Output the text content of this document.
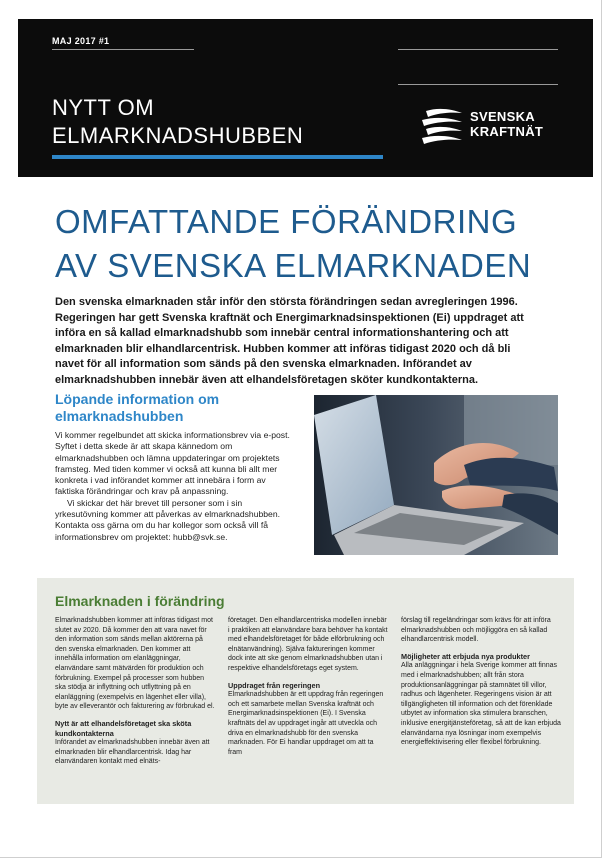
MAJ 2017 #1
NYTT OM
ELMARKNADSHUBBEN
SVENSKA
KRAFTNÄT
OMFATTANDE FÖRÄNDRING
AV SVENSKA ELMARKNADEN
Den svenska elmarknaden står inför den största förändringen sedan avregleringen 1996. Regeringen har gett Svenska kraftnät och Energimarknadsinspektionen (Ei) uppdraget att införa en så kallad elmarknadshubb som innebär central informationshantering och att elmarknaden blir elhandlarcentrisk. Hubben kommer att införas tidigast 2020 och då bli navet för all information som sänds på den svenska elmarknaden. Införandet av elmarknadshubben innebär även att elhandelsföretagen sköter kundkontakterna.
Löpande information om elmarknadshubben

Vi kommer regelbundet att skicka informationsbrev via e-post. Syftet i detta skede är att skapa kännedom om elmarknadshubben och lämna uppdateringar om projektets framsteg. Med tiden kommer vi också att kunna bli allt mer konkreta i vad införandet kommer att innebära i form av faktiska förändringar och krav på anpassning.

Vi skickar det här brevet till personer som i sin yrkesutövning kommer att påverkas av elmarknadshubben. Kontakta oss gärna om du har kollegor som också vill få informationsbrev om projektet: hubb@svk.se.

Elmarknaden i förändring

Elmarknadshubben kommer att införas tidigast mot slutet av 2020. Då kommer den att vara navet för den information som sänds mellan aktörerna på den svenska elmarknaden. Den kommer att innehålla information om elanläggningar, elanvändare samt mätvärden för produktion och förbrukning. Exempel på processer som hubben ska stödja är inflyttning och utflyttning på en elanläggning (exempelvis en lägenhet eller villa), byte av elleverantör och fakturering av förbrukad el.

Nytt är att elhandelsföretaget ska sköta kundkontakterna

Införandet av elmarknadshubben innebär även att elmarknaden blir elhandlarcentrisk. Idag har elanvändaren kontakt med elnäts-

företaget. Den elhandlarcentriska modellen innebär i praktiken att elanvändare bara behöver ha kontakt med elhandelsföretaget för både elförbrukning och elnätanvändning). Själva faktureringen kommer dock inte att ske genom elmarknadshubben utan i respektive elhandelsföretags eget system.

Uppdraget från regeringen

Elmarknadshubben är ett uppdrag från regeringen och ett samarbete mellan Svenska kraftnät och Energimarknadsinspektionen (Ei). I Svenska kraftnäts del av uppdraget ingår att utveckla och driva en elmarknadshubb för den svenska marknaden. För Ei handlar uppdraget om att ta fram

förslag till regeländringar som krävs för att införa elmarknadshubben och möjliggöra en så kallad elhandlarcentrisk modell.

Möjligheter att erbjuda nya produkter

Alla anläggningar i hela Sverige kommer att finnas med i elmarknadshubben; allt från stora produktionsanläggningar på stamnätet till villor, radhus och lägenheter. Regeringens vision är att tillgängligheten till information och det förenklade utbytet av information ska stimulera branschen, inklusive energitjänsteföretag, så att de kan erbjuda elanvändarna nya lösningar inom exempelvis energieffektivisering eller flexibel förbrukning.
